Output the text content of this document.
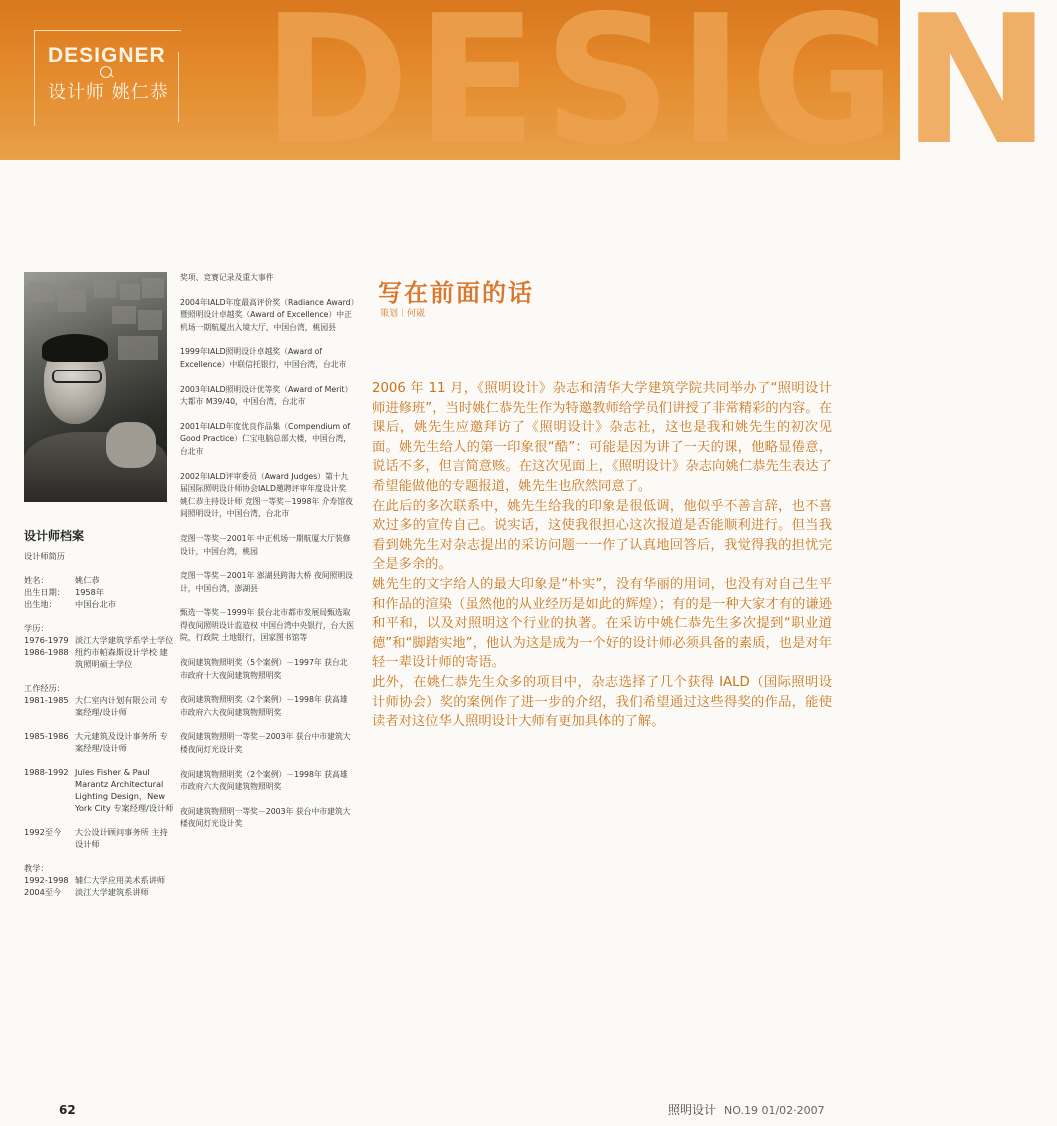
DESIGN
DESIGNER
设计师 姚仁恭
设计师档案
设计师简历
姓名：	姚仁恭
出生日期：	1958年
出生地：	中国台北市
学历：
1976-1979 淡江大学建筑学系学士学位
1986-1988 纽约市帕森斯设计学校 建筑照明硕士学位
工作经历：
1981-1985 大仁室内计划有限公司 专案经理/设计师
1985-1986 大元建筑及设计事务所 专案经理/设计师
1988-1992 Jules Fisher & Paul Marantz Architectural Lighting Design，New York City 专案经理/设计师
1992至今	大公设计顾问事务所 主持设计师
教学：
1992-1998 辅仁大学应用美术系讲师
2004至今	淡江大学建筑系讲师
奖项、竞赛记录及重大事件
2004年IALD年度最高评价奖（Radiance Award）暨照明设计卓越奖（Award of Excellence）中正机场一期航厦出入境大厅，中国台湾，桃园县
1999年IALD照明设计卓越奖（Award of Excellence）中联信托银行，中国台湾，台北市
2003年IALD照明设计优等奖（Award of Merit）大都市 M39/40，中国台湾，台北市
2001年IALD年度优良作品集（Compendium of Good Practice）仁宝电脑总部大楼，中国台湾，台北市
2002年IALD评审委员（Award Judges）第十九届国际照明设计师协会IALD邀聘评审年度设计奖 姚仁恭主持设计师 竞图一等奖－1998年 介寿馆夜间照明设计，中国台湾，台北市
竞图一等奖－2001年 中正机场一期航厦大厅装修设计，中国台湾，桃园
竞图一等奖－2001年 澎湖县跨海大桥 夜间照明设计，中国台湾，澎湖县
甄选一等奖－1999年 获台北市都市发展局甄选取得夜间照明设计监造权 中国台湾中央银行，台大医院，行政院 土地银行，国家图书馆等
夜间建筑物照明奖（5个案例）－1997年 获台北市政府十大夜间建筑物照明奖
夜间建筑物照明奖（2个案例）－1998年 获高雄市政府六大夜间建筑物照明奖
夜间建筑物照明一等奖－2003年 获台中市建筑大楼夜间灯光设计奖
夜间建筑物照明奖（2个案例）－1998年 获高雄市政府六大夜间建筑物照明奖
夜间建筑物照明一等奖－2003年 获台中市建筑大楼夜间灯光设计奖
写在前面的话
策划｜何崴

2006 年 11 月，《照明设计》杂志和清华大学建筑学院共同举办了“照明设计师进修班”，当时姚仁恭先生作为特邀教师给学员们讲授了非常精彩的内容。在课后，姚先生应邀拜访了《照明设计》杂志社，这也是我和姚先生的初次见面。姚先生给人的第一印象很“酷”：可能是因为讲了一天的课，他略显倦意，说话不多，但言简意赅。在这次见面上，《照明设计》杂志向姚仁恭先生表达了希望能做他的专题报道，姚先生也欣然同意了。

在此后的多次联系中，姚先生给我的印象是很低调，他似乎不善言辞，也不喜欢过多的宣传自己。说实话，这使我很担心这次报道是否能顺利进行。但当我看到姚先生对杂志提出的采访问题一一作了认真地回答后，我觉得我的担忧完全是多余的。

姚先生的文字给人的最大印象是“朴实”，没有华丽的用词，也没有对自己生平和作品的渲染（虽然他的从业经历是如此的辉煌）；有的是一种大家才有的谦逊和平和，以及对照明这个行业的执著。在采访中姚仁恭先生多次提到“职业道德”和“脚踏实地”，他认为这是成为一个好的设计师必须具备的素质，也是对年轻一辈设计师的寄语。

此外，在姚仁恭先生众多的项目中，杂志选择了几个获得 IALD（国际照明设计师协会）奖的案例作了进一步的介绍，我们希望通过这些得奖的作品，能使读者对这位华人照明设计大师有更加具体的了解。

62	照明设计 NO.19 01/02·2007
